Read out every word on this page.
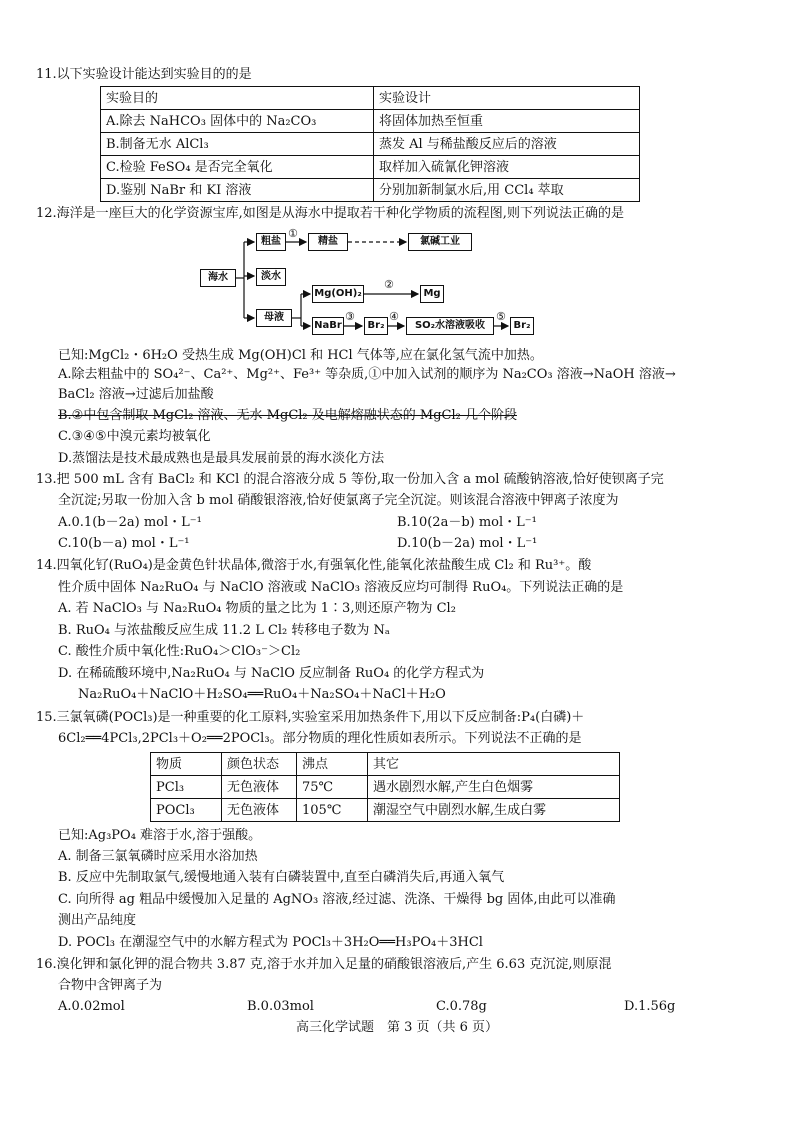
11.以下实验设计能达到实验目的的是
实验目的	实验设计
A.除去 NaHCO₃ 固体中的 Na₂CO₃	将固体加热至恒重
B.制备无水 AlCl₃	蒸发 Al 与稀盐酸反应后的溶液
C.检验 FeSO₄ 是否完全氧化	取样加入硫氰化钾溶液
D.鉴别 NaBr 和 KI 溶液	分别加新制氯水后,用 CCl₄ 萃取
12.海洋是一座巨大的化学资源宝库,如图是从海水中提取若干种化学物质的流程图,则下列说法正确的是
海水
粗盐
①
精盐	氯碱工业
淡水
母液
Mg(OH)₂
②
Mg
NaBr
③
Br₂
④
SO₂水溶液吸收
⑤
Br₂
已知:MgCl₂・6H₂O 受热生成 Mg(OH)Cl 和 HCl 气体等,应在氯化氢气流中加热。
A.除去粗盐中的 SO₄²⁻、Ca²⁺、Mg²⁺、Fe³⁺ 等杂质,①中加入试剂的顺序为 Na₂CO₃ 溶液→NaOH 溶液→
BaCl₂ 溶液→过滤后加盐酸
B.②中包含制取 MgCl₂ 溶液、无水 MgCl₂ 及电解熔融状态的 MgCl₂ 几个阶段
C.③④⑤中溴元素均被氧化
D.蒸馏法是技术最成熟也是最具发展前景的海水淡化方法
13.把 500 mL 含有 BaCl₂ 和 KCl 的混合溶液分成 5 等份,取一份加入含 a mol 硫酸钠溶液,恰好使钡离子完
全沉淀;另取一份加入含 b mol 硝酸银溶液,恰好使氯离子完全沉淀。则该混合溶液中钾离子浓度为
A.0.1(b－2a) mol・L⁻¹	B.10(2a－b) mol・L⁻¹
C.10(b－a) mol・L⁻¹	D.10(b－2a) mol・L⁻¹
14.四氧化钌(RuO₄)是金黄色针状晶体,微溶于水,有强氧化性,能氧化浓盐酸生成 Cl₂ 和 Ru³⁺。酸
性介质中固体 Na₂RuO₄ 与 NaClO 溶液或 NaClO₃ 溶液反应均可制得 RuO₄。下列说法正确的是
A. 若 NaClO₃ 与 Na₂RuO₄ 物质的量之比为 1∶3,则还原产物为 Cl₂
B. RuO₄ 与浓盐酸反应生成 11.2 L Cl₂ 转移电子数为 Nₐ
C. 酸性介质中氧化性:RuO₄＞ClO₃⁻＞Cl₂
D. 在稀硫酸环境中,Na₂RuO₄ 与 NaClO 反应制备 RuO₄ 的化学方程式为
Na₂RuO₄＋NaClO＋H₂SO₄══RuO₄＋Na₂SO₄＋NaCl＋H₂O
15.三氯氧磷(POCl₃)是一种重要的化工原料,实验室采用加热条件下,用以下反应制备:P₄(白磷)＋
6Cl₂══4PCl₃,2PCl₃＋O₂══2POCl₃。部分物质的理化性质如表所示。下列说法不正确的是
物质	颜色状态	沸点	其它
PCl₃	无色液体	75℃	遇水剧烈水解,产生白色烟雾
POCl₃	无色液体	105℃	潮湿空气中剧烈水解,生成白雾
已知:Ag₃PO₄ 难溶于水,溶于强酸。
A. 制备三氯氧磷时应采用水浴加热
B. 反应中先制取氯气,缓慢地通入装有白磷装置中,直至白磷消失后,再通入氧气
C. 向所得 ag 粗品中缓慢加入足量的 AgNO₃ 溶液,经过滤、洗涤、干燥得 bg 固体,由此可以准确
测出产品纯度
D. POCl₃ 在潮湿空气中的水解方程式为 POCl₃＋3H₂O══H₃PO₄＋3HCl
16.溴化钾和氯化钾的混合物共 3.87 克,溶于水并加入足量的硝酸银溶液后,产生 6.63 克沉淀,则原混
合物中含钾离子为
A.0.02mol	B.0.03mol	C.0.78g	D.1.56g
高三化学试题　第 3 页（共 6 页）
